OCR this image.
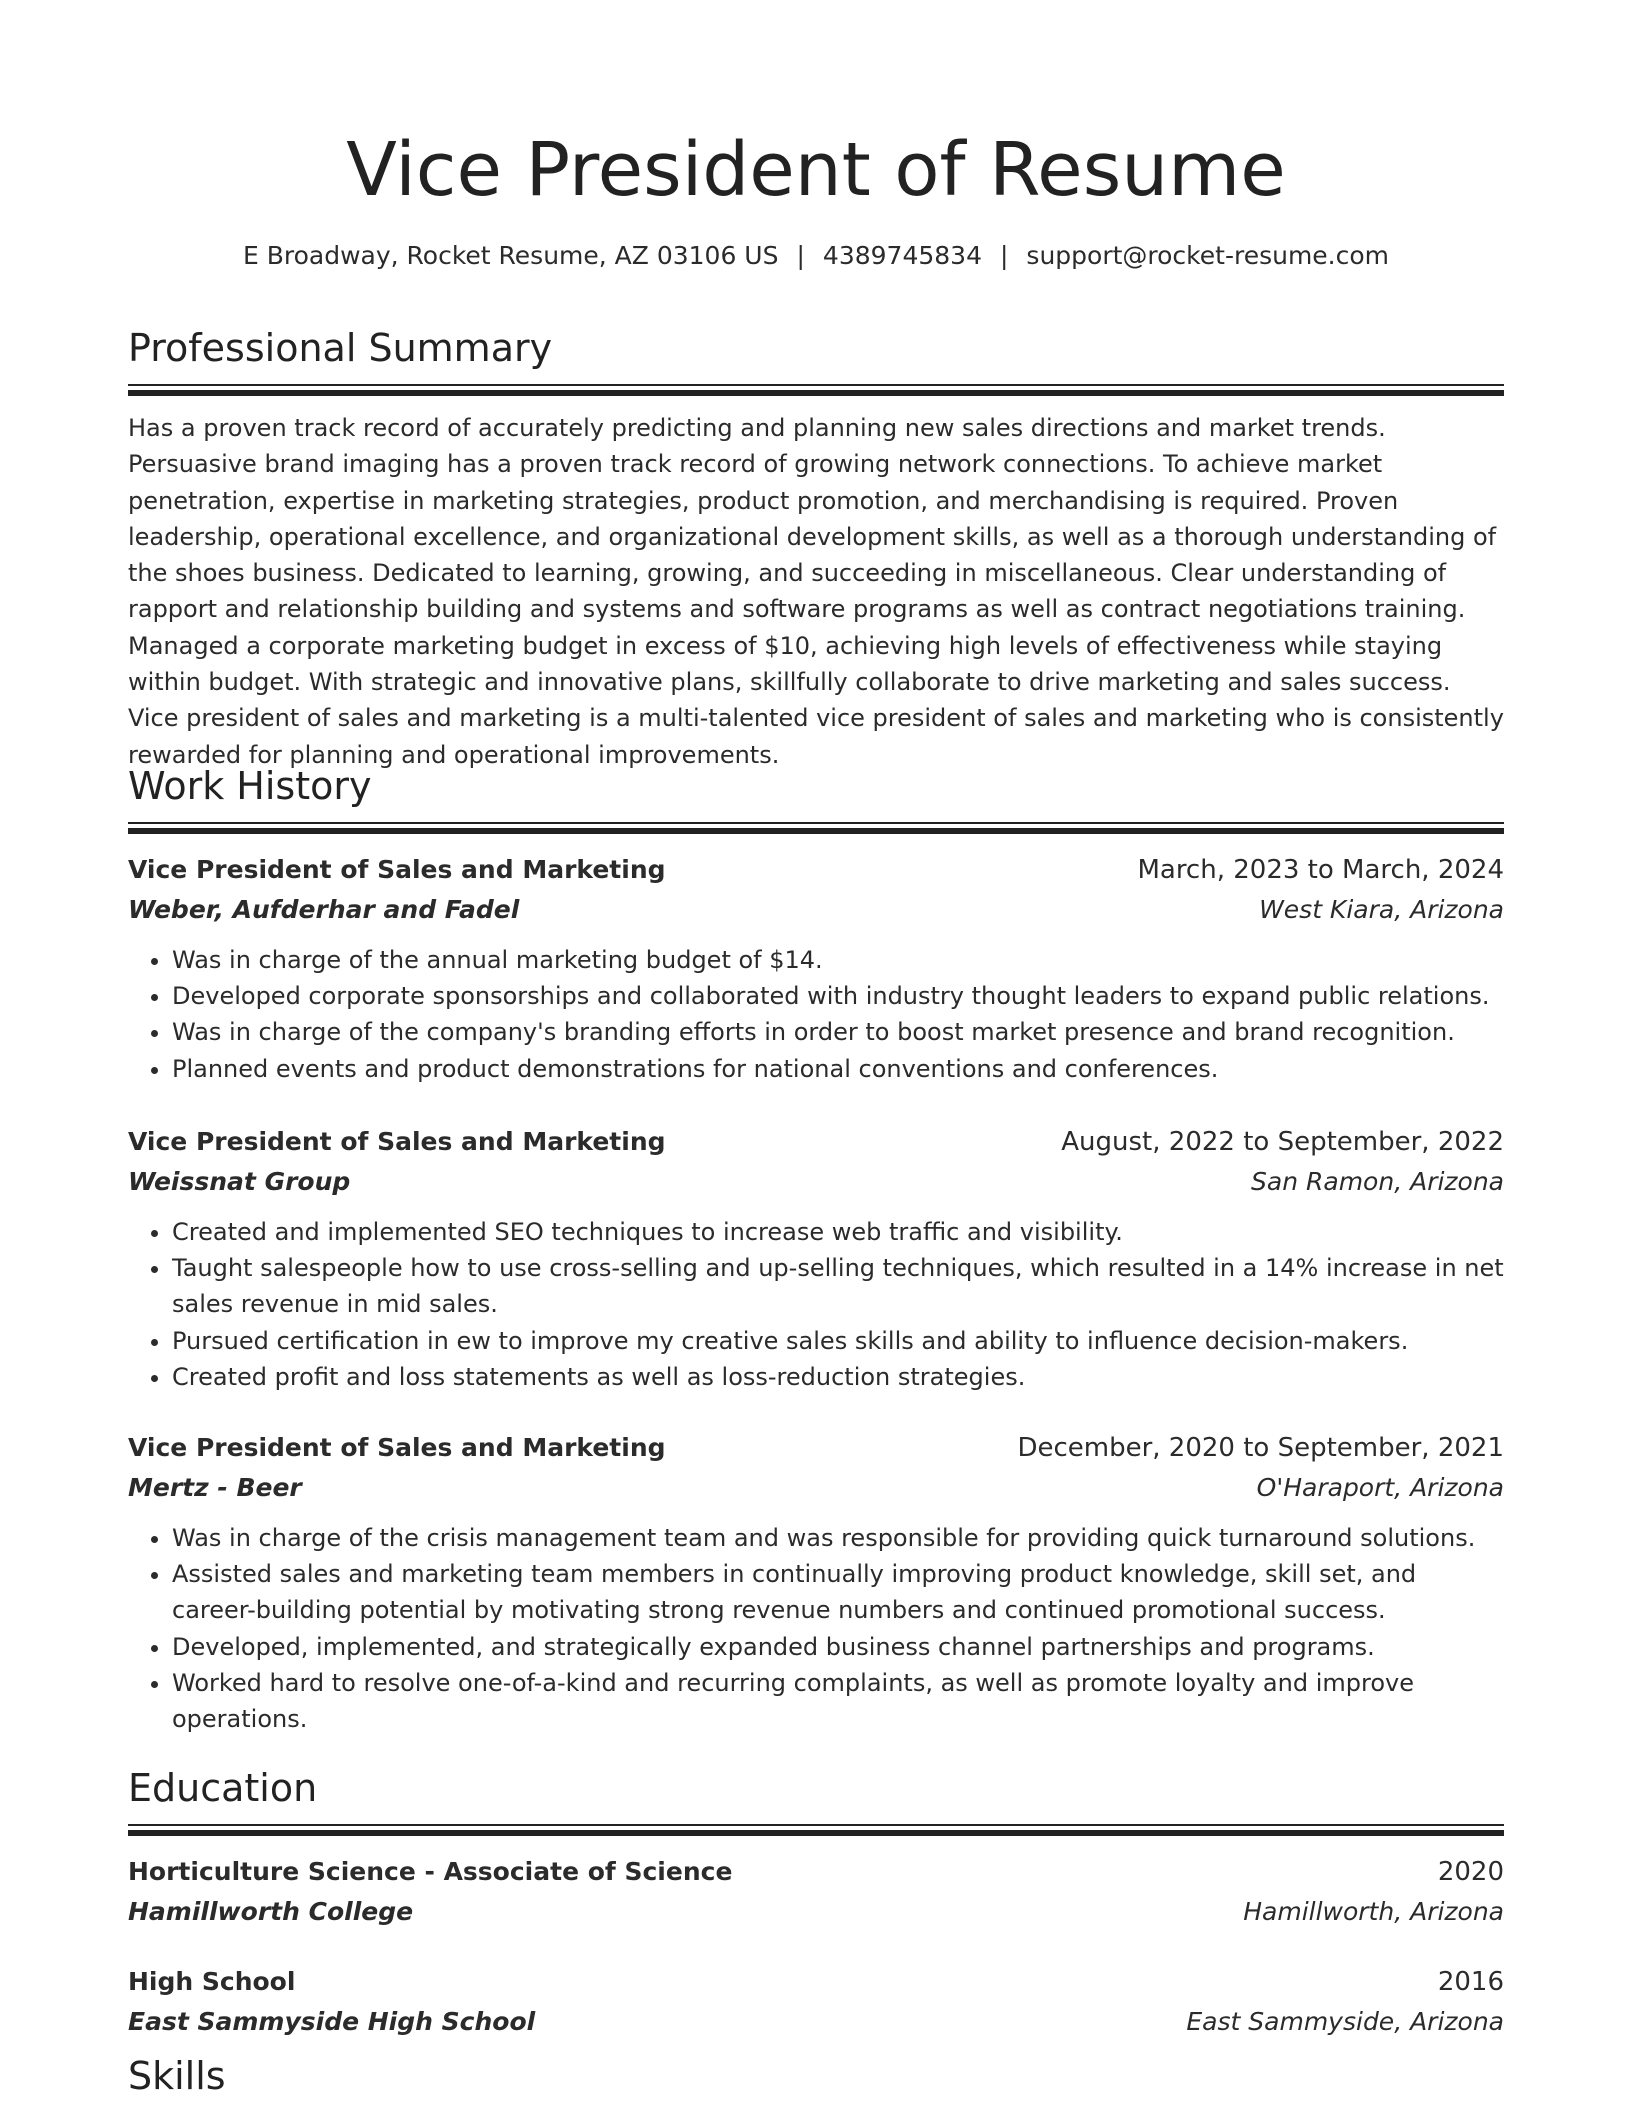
Vice President of Resume
E Broadway, Rocket Resume, AZ 03106 US | 4389745834 | support@rocket-resume.com
Professional Summary

Has a proven track record of accurately predicting and planning new sales directions and market trends. Persuasive brand imaging has a proven track record of growing network connections. To achieve market penetration, expertise in marketing strategies, product promotion, and merchandising is required. Proven leadership, operational excellence, and organizational development skills, as well as a thorough understanding of the shoes business. Dedicated to learning, growing, and succeeding in miscellaneous. Clear understanding of rapport and relationship building and systems and software programs as well as contract negotiations training. Managed a corporate marketing budget in excess of $10, achieving high levels of effectiveness while staying within budget. With strategic and innovative plans, skillfully collaborate to drive marketing and sales success. Vice president of sales and marketing is a multi-talented vice president of sales and marketing who is consistently rewarded for planning and operational improvements.

Work History
Vice President of Sales and Marketing	March, 2023 to March, 2024
Weber, Aufderhar and Fadel	West Kiara, Arizona
• Was in charge of the annual marketing budget of $14.
• Developed corporate sponsorships and collaborated with industry thought leaders to expand public relations.
• Was in charge of the company's branding efforts in order to boost market presence and brand recognition.
• Planned events and product demonstrations for national conventions and conferences.
Vice President of Sales and Marketing	August, 2022 to September, 2022
Weissnat Group	San Ramon, Arizona
• Created and implemented SEO techniques to increase web traffic and visibility.
• Taught salespeople how to use cross-selling and up-selling techniques, which resulted in a 14% increase in net sales revenue in mid sales.
• Pursued certification in ew to improve my creative sales skills and ability to influence decision-makers.
• Created profit and loss statements as well as loss-reduction strategies.
Vice President of Sales and Marketing	December, 2020 to September, 2021
Mertz - Beer	O'Haraport, Arizona
• Was in charge of the crisis management team and was responsible for providing quick turnaround solutions.
• Assisted sales and marketing team members in continually improving product knowledge, skill set, and career-building potential by motivating strong revenue numbers and continued promotional success.
• Developed, implemented, and strategically expanded business channel partnerships and programs.
• Worked hard to resolve one-of-a-kind and recurring complaints, as well as promote loyalty and improve operations.
Education
Horticulture Science - Associate of Science	2020
Hamillworth College	Hamillworth, Arizona
High School	2016
East Sammyside High School	East Sammyside, Arizona
Skills
